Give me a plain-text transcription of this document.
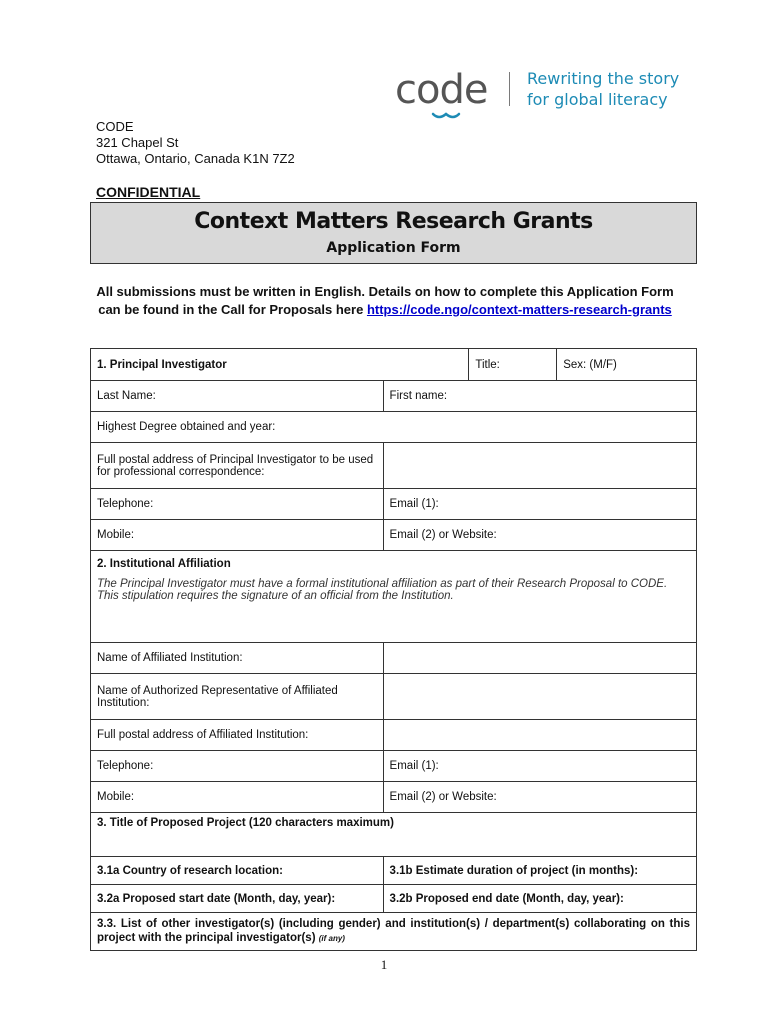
code Rewriting the story
for global literacy
CODE
321 Chapel St
Ottawa, Ontario, Canada K1N 7Z2
CONFIDENTIAL
Context Matters Research Grants
Application Form
All submissions must be written in English. Details on how to complete this Application Form can be found in the Call for Proposals here https://code.ngo/context-matters-research-grants
1. Principal Investigator		Title:	Sex: (M/F)
Last Name:	First name:		
Highest Degree obtained and year:			
Full postal address of Principal Investigator to be used for professional correspondence:			
Telephone:	Email (1):		
Mobile:	Email (2) or Website:		

2. Institutional Affiliation
The Principal Investigator must have a formal institutional affiliation as part of their Research Proposal to CODE. This stipulation requires the signature of an official from the Institution.			

Name of Affiliated Institution:			
Name of Authorized Representative of Affiliated Institution:			
Full postal address of Affiliated Institution:			
Telephone:	Email (1):		
Mobile:	Email (2) or Website:		
3. Title of Proposed Project (120 characters maximum)			
3.1a Country of research location:	3.1b Estimate duration of project (in months):		
3.2a Proposed start date (Month, day, year):	3.2b Proposed end date (Month, day, year):		
3.3. List of other investigator(s) (including gender) and institution(s) / department(s) collaborating on this project with the principal investigator(s) (if any)			
1
